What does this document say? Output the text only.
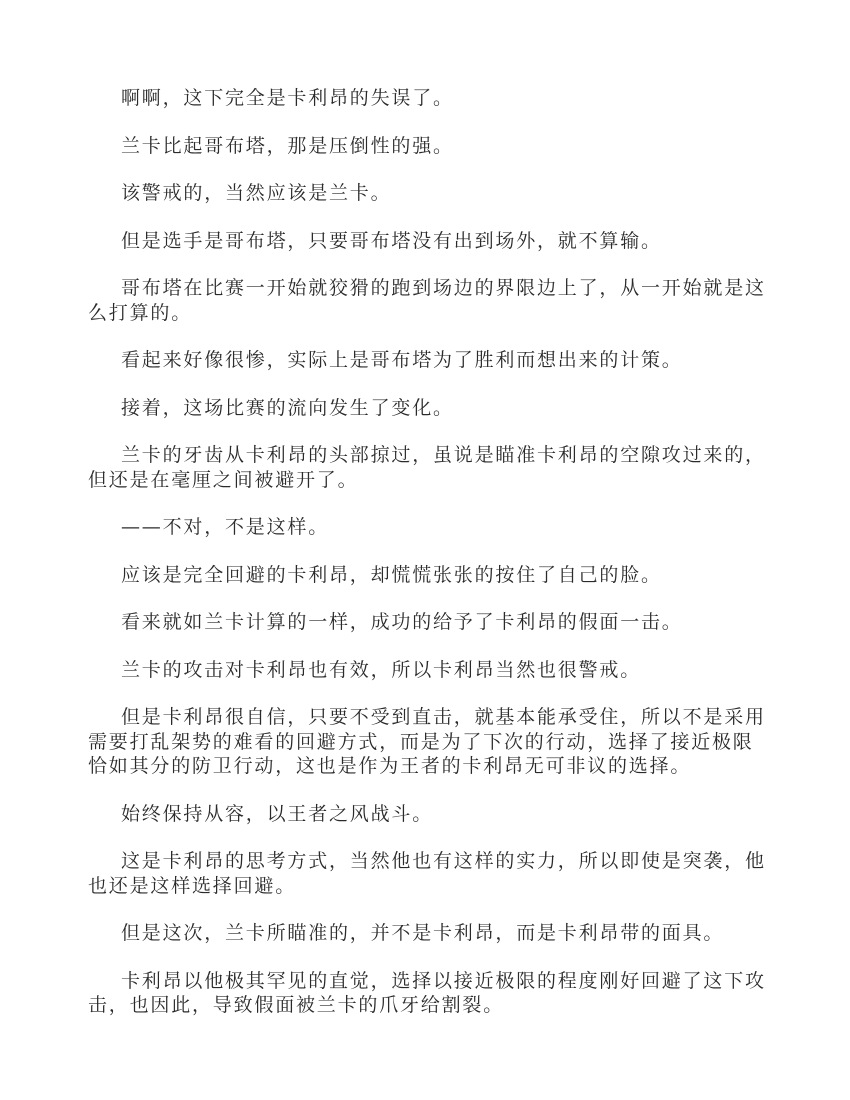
啊啊，这下完全是卡利昂的失误了。

兰卡比起哥布塔，那是压倒性的强。

该警戒的，当然应该是兰卡。

但是选手是哥布塔，只要哥布塔没有出到场外，就不算输。

哥布塔在比赛一开始就狡猾的跑到场边的界限边上了，从一开始就是这么打算的。

看起来好像很惨，实际上是哥布塔为了胜利而想出来的计策。

接着，这场比赛的流向发生了变化。

兰卡的牙齿从卡利昂的头部掠过，虽说是瞄准卡利昂的空隙攻过来的，但还是在毫厘之间被避开了。

——不对，不是这样。

应该是完全回避的卡利昂，却慌慌张张的按住了自己的脸。

看来就如兰卡计算的一样，成功的给予了卡利昂的假面一击。

兰卡的攻击对卡利昂也有效，所以卡利昂当然也很警戒。

但是卡利昂很自信，只要不受到直击，就基本能承受住，所以不是采用需要打乱架势的难看的回避方式，而是为了下次的行动，选择了接近极限恰如其分的防卫行动，这也是作为王者的卡利昂无可非议的选择。

始终保持从容，以王者之风战斗。

这是卡利昂的思考方式，当然他也有这样的实力，所以即使是突袭，他也还是这样选择回避。

但是这次，兰卡所瞄准的，并不是卡利昂，而是卡利昂带的面具。

卡利昂以他极其罕见的直觉，选择以接近极限的程度刚好回避了这下攻击，也因此，导致假面被兰卡的爪牙给割裂。
